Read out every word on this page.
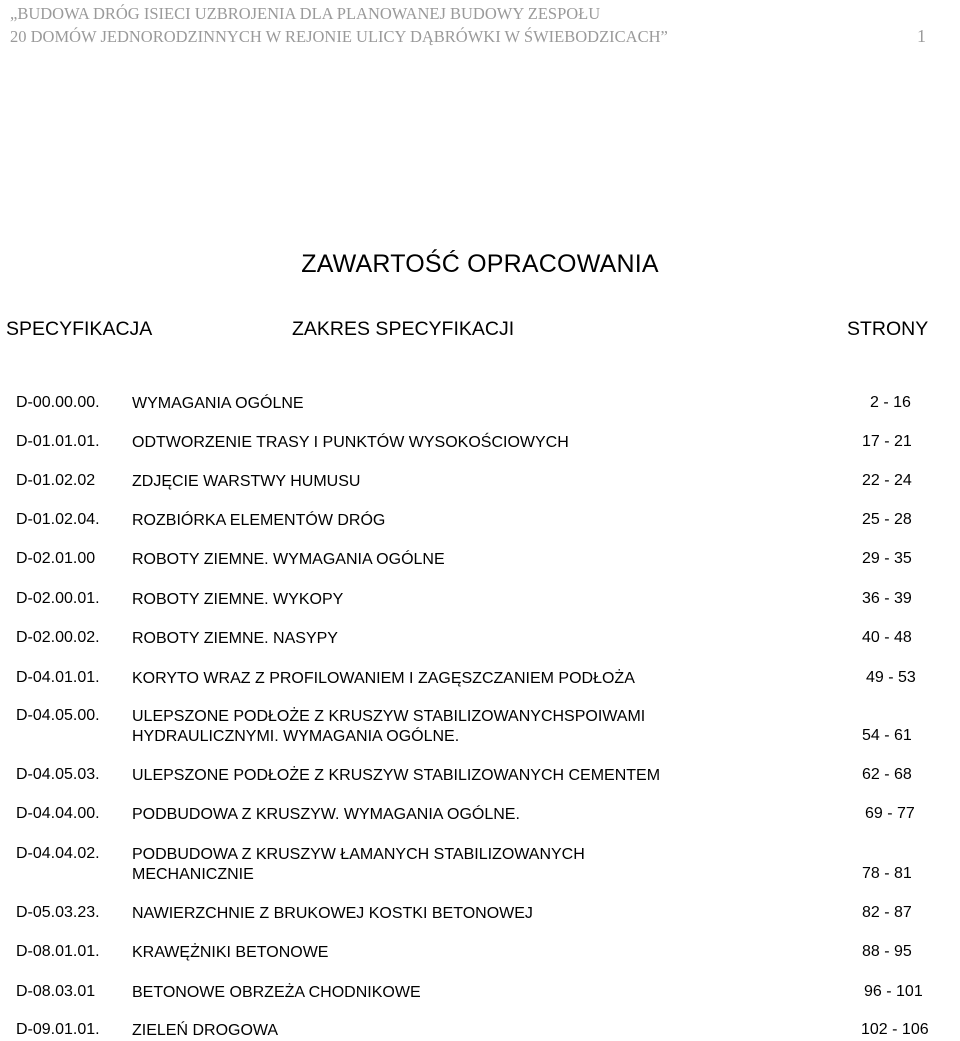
„BUDOWA DRÓG ISIECI UZBROJENIA DLA PLANOWANEJ BUDOWY ZESPOŁU
20 DOMÓW JEDNORODZINNYCH W REJONIE ULICY DĄBRÓWKI W ŚWIEBODZICACH”	1
ZAWARTOŚĆ OPRACOWANIA
SPECYFIKACJA	ZAKRES SPECYFIKACJI	STRONY
D-00.00.00. WYMAGANIA OGÓLNE	2 - 16
D-01.01.01. ODTWORZENIE TRASY I PUNKTÓW WYSOKOŚCIOWYCH	17 - 21
D-01.02.02 ZDJĘCIE WARSTWY HUMUSU	22 - 24
D-01.02.04. ROZBIÓRKA ELEMENTÓW DRÓG	25 - 28
D-02.01.00 ROBOTY ZIEMNE. WYMAGANIA OGÓLNE	29 - 35
D-02.00.01. ROBOTY ZIEMNE. WYKOPY	36 - 39
D-02.00.02. ROBOTY ZIEMNE. NASYPY	40 - 48
D-04.01.01. KORYTO WRAZ Z PROFILOWANIEM I ZAGĘSZCZANIEM PODŁOŻA	49 - 53
D-04.05.00. ULEPSZONE PODŁOŻE Z KRUSZYW STABILIZOWANYCHSPOIWAMI
HYDRAULICZNYMI. WYMAGANIA OGÓLNE.	54 - 61
D-04.05.03. ULEPSZONE PODŁOŻE Z KRUSZYW STABILIZOWANYCH CEMENTEM	62 - 68
D-04.04.00. PODBUDOWA Z KRUSZYW. WYMAGANIA OGÓLNE.	69 - 77
D-04.04.02. PODBUDOWA Z KRUSZYW ŁAMANYCH STABILIZOWANYCH
MECHANICZNIE	78 - 81
D-05.03.23. NAWIERZCHNIE Z BRUKOWEJ KOSTKI BETONOWEJ	82 - 87
D-08.01.01. KRAWĘŻNIKI BETONOWE	88 - 95
D-08.03.01 BETONOWE OBRZEŻA CHODNIKOWE	96 - 101
D-09.01.01. ZIELEŃ DROGOWA	102 - 106
